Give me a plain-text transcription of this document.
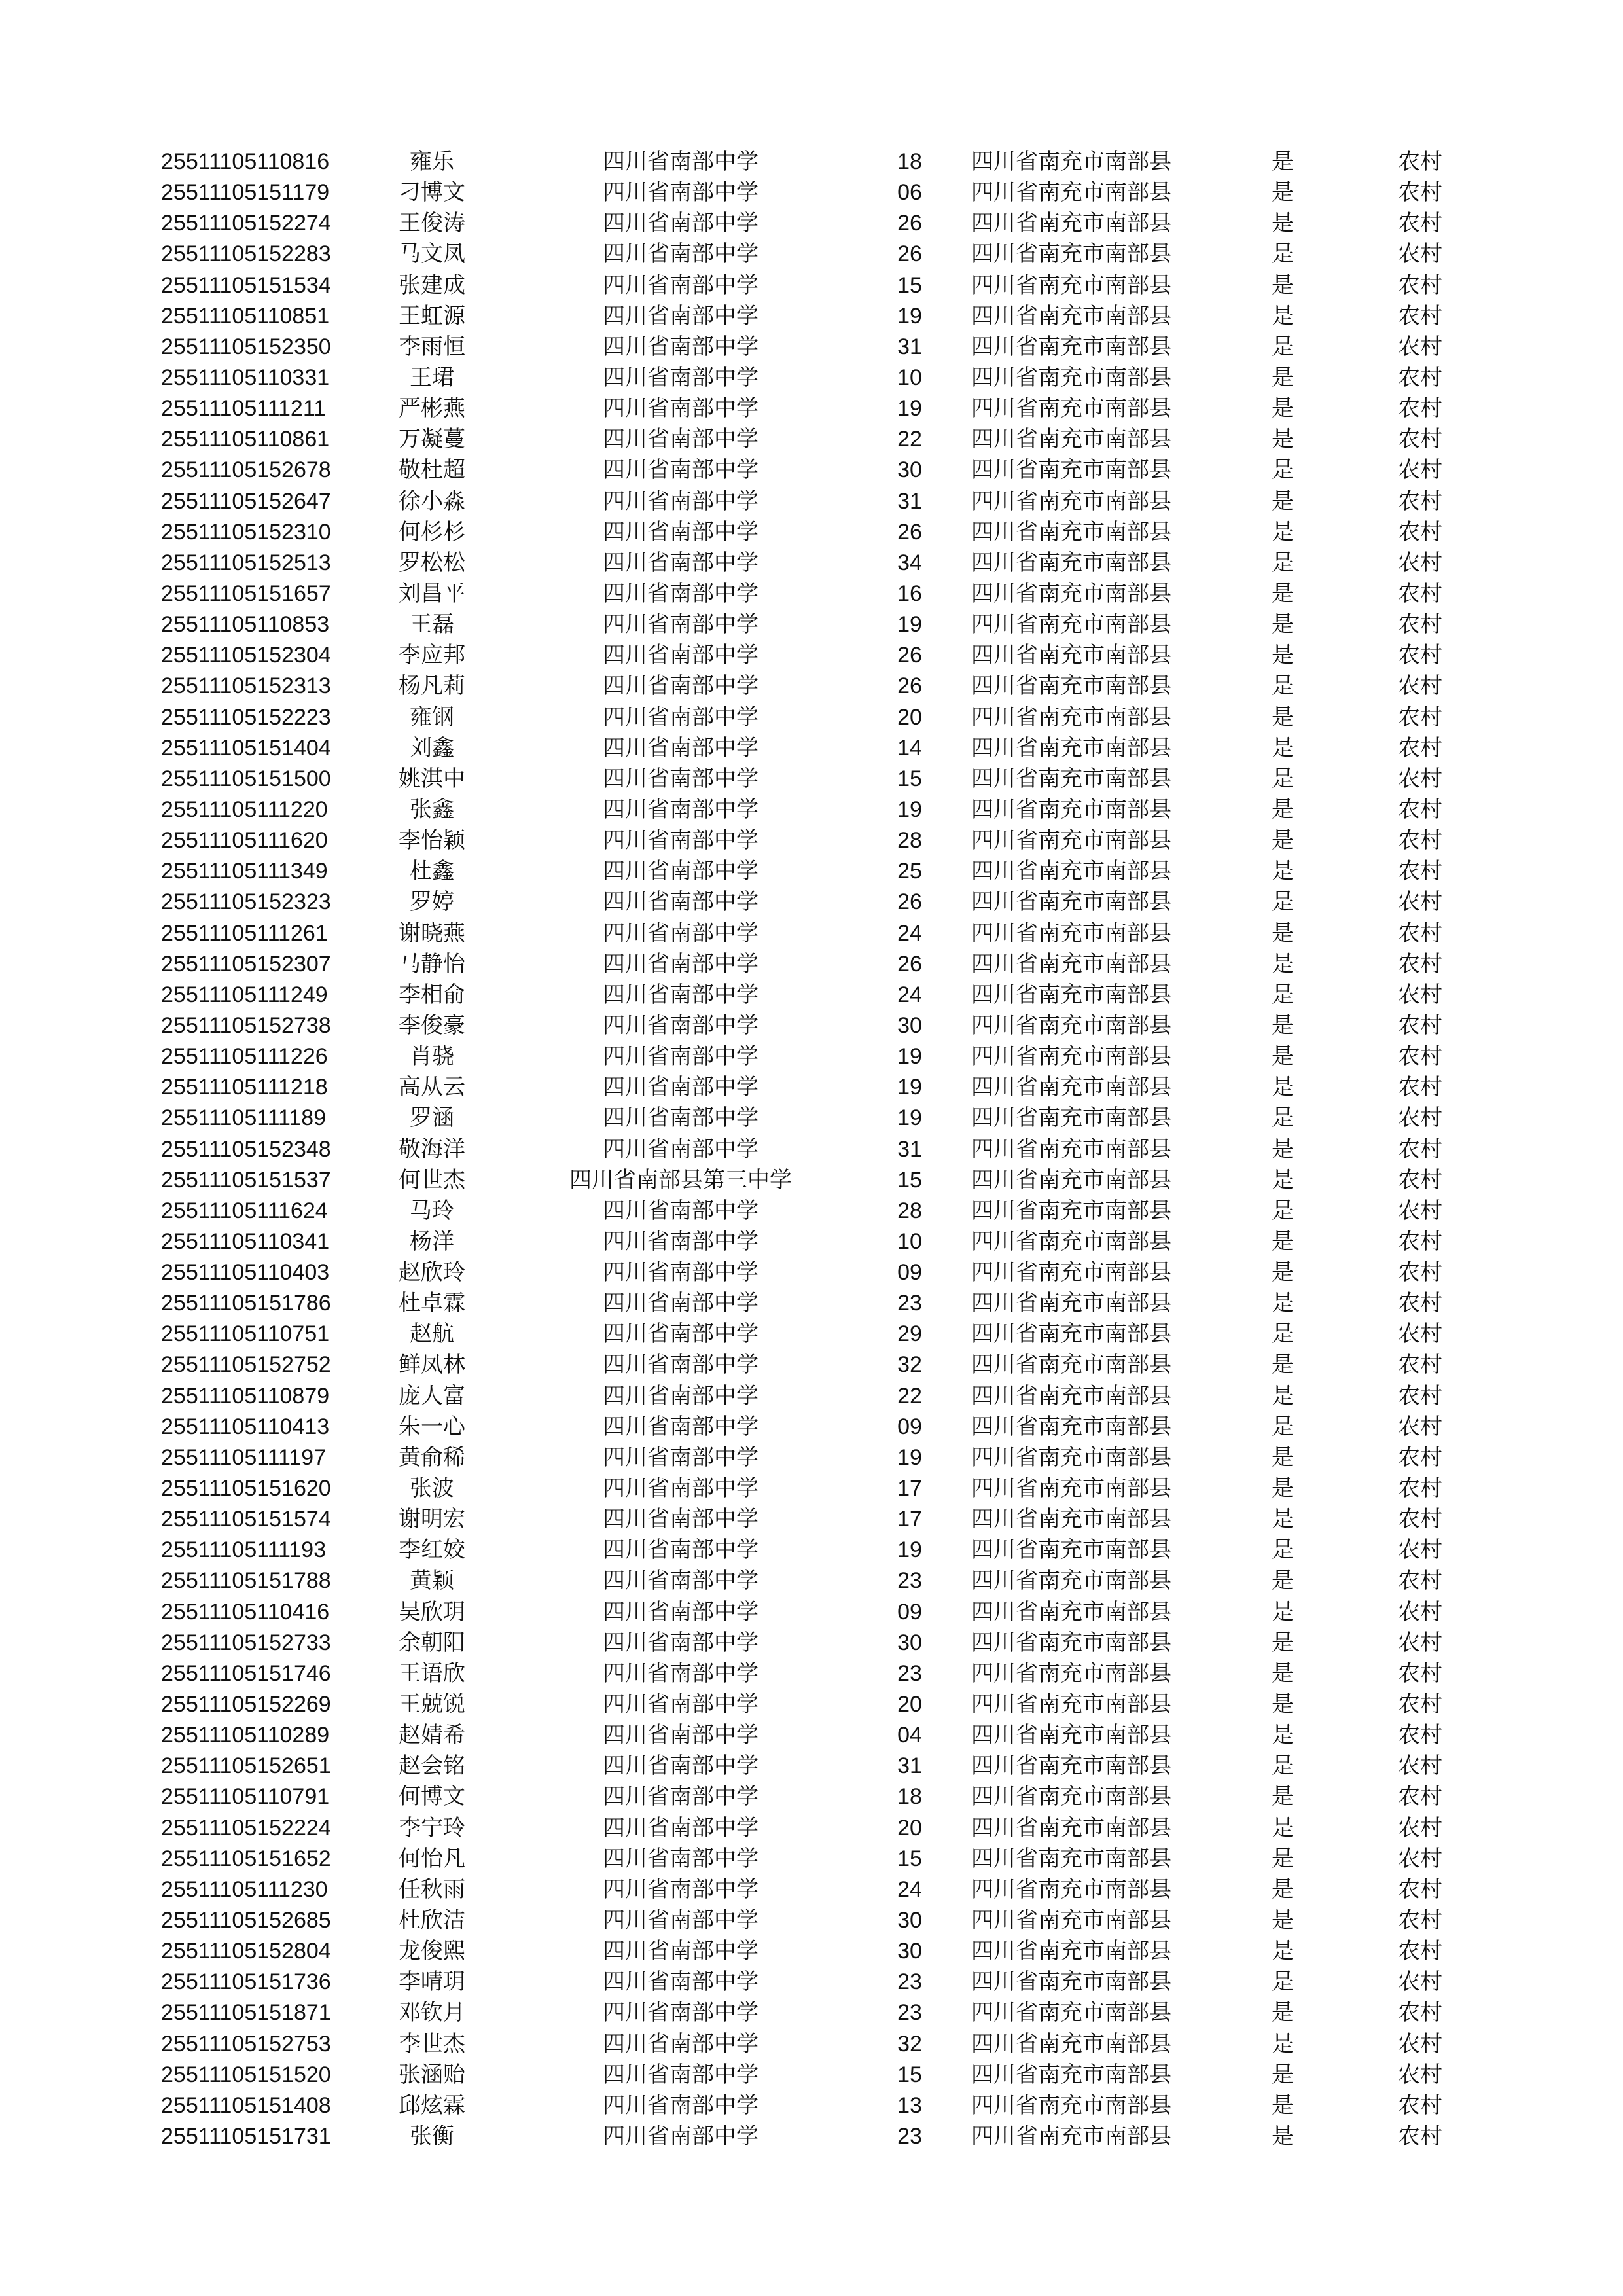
25511105110816	雍乐	四川省南部中学	18	四川省南充市南部县	是	农村
25511105151179	刁博文	四川省南部中学	06	四川省南充市南部县	是	农村
25511105152274	王俊涛	四川省南部中学	26	四川省南充市南部县	是	农村
25511105152283	马文凤	四川省南部中学	26	四川省南充市南部县	是	农村
25511105151534	张建成	四川省南部中学	15	四川省南充市南部县	是	农村
25511105110851	王虹源	四川省南部中学	19	四川省南充市南部县	是	农村
25511105152350	李雨恒	四川省南部中学	31	四川省南充市南部县	是	农村
25511105110331	王珺	四川省南部中学	10	四川省南充市南部县	是	农村
25511105111211	严彬燕	四川省南部中学	19	四川省南充市南部县	是	农村
25511105110861	万凝蔓	四川省南部中学	22	四川省南充市南部县	是	农村
25511105152678	敬杜超	四川省南部中学	30	四川省南充市南部县	是	农村
25511105152647	徐小淼	四川省南部中学	31	四川省南充市南部县	是	农村
25511105152310	何杉杉	四川省南部中学	26	四川省南充市南部县	是	农村
25511105152513	罗松松	四川省南部中学	34	四川省南充市南部县	是	农村
25511105151657	刘昌平	四川省南部中学	16	四川省南充市南部县	是	农村
25511105110853	王磊	四川省南部中学	19	四川省南充市南部县	是	农村
25511105152304	李应邦	四川省南部中学	26	四川省南充市南部县	是	农村
25511105152313	杨凡莉	四川省南部中学	26	四川省南充市南部县	是	农村
25511105152223	雍钢	四川省南部中学	20	四川省南充市南部县	是	农村
25511105151404	刘鑫	四川省南部中学	14	四川省南充市南部县	是	农村
25511105151500	姚淇中	四川省南部中学	15	四川省南充市南部县	是	农村
25511105111220	张鑫	四川省南部中学	19	四川省南充市南部县	是	农村
25511105111620	李怡颖	四川省南部中学	28	四川省南充市南部县	是	农村
25511105111349	杜鑫	四川省南部中学	25	四川省南充市南部县	是	农村
25511105152323	罗婷	四川省南部中学	26	四川省南充市南部县	是	农村
25511105111261	谢晓燕	四川省南部中学	24	四川省南充市南部县	是	农村
25511105152307	马静怡	四川省南部中学	26	四川省南充市南部县	是	农村
25511105111249	李相俞	四川省南部中学	24	四川省南充市南部县	是	农村
25511105152738	李俊豪	四川省南部中学	30	四川省南充市南部县	是	农村
25511105111226	肖骁	四川省南部中学	19	四川省南充市南部县	是	农村
25511105111218	高从云	四川省南部中学	19	四川省南充市南部县	是	农村
25511105111189	罗涵	四川省南部中学	19	四川省南充市南部县	是	农村
25511105152348	敬海洋	四川省南部中学	31	四川省南充市南部县	是	农村
25511105151537	何世杰	四川省南部县第三中学	15	四川省南充市南部县	是	农村
25511105111624	马玲	四川省南部中学	28	四川省南充市南部县	是	农村
25511105110341	杨洋	四川省南部中学	10	四川省南充市南部县	是	农村
25511105110403	赵欣玲	四川省南部中学	09	四川省南充市南部县	是	农村
25511105151786	杜卓霖	四川省南部中学	23	四川省南充市南部县	是	农村
25511105110751	赵航	四川省南部中学	29	四川省南充市南部县	是	农村
25511105152752	鲜凤林	四川省南部中学	32	四川省南充市南部县	是	农村
25511105110879	庞人富	四川省南部中学	22	四川省南充市南部县	是	农村
25511105110413	朱一心	四川省南部中学	09	四川省南充市南部县	是	农村
25511105111197	黄俞稀	四川省南部中学	19	四川省南充市南部县	是	农村
25511105151620	张波	四川省南部中学	17	四川省南充市南部县	是	农村
25511105151574	谢明宏	四川省南部中学	17	四川省南充市南部县	是	农村
25511105111193	李红姣	四川省南部中学	19	四川省南充市南部县	是	农村
25511105151788	黄颖	四川省南部中学	23	四川省南充市南部县	是	农村
25511105110416	吴欣玥	四川省南部中学	09	四川省南充市南部县	是	农村
25511105152733	余朝阳	四川省南部中学	30	四川省南充市南部县	是	农村
25511105151746	王语欣	四川省南部中学	23	四川省南充市南部县	是	农村
25511105152269	王兢锐	四川省南部中学	20	四川省南充市南部县	是	农村
25511105110289	赵婧希	四川省南部中学	04	四川省南充市南部县	是	农村
25511105152651	赵会铭	四川省南部中学	31	四川省南充市南部县	是	农村
25511105110791	何博文	四川省南部中学	18	四川省南充市南部县	是	农村
25511105152224	李宁玲	四川省南部中学	20	四川省南充市南部县	是	农村
25511105151652	何怡凡	四川省南部中学	15	四川省南充市南部县	是	农村
25511105111230	任秋雨	四川省南部中学	24	四川省南充市南部县	是	农村
25511105152685	杜欣洁	四川省南部中学	30	四川省南充市南部县	是	农村
25511105152804	龙俊熙	四川省南部中学	30	四川省南充市南部县	是	农村
25511105151736	李晴玥	四川省南部中学	23	四川省南充市南部县	是	农村
25511105151871	邓钦月	四川省南部中学	23	四川省南充市南部县	是	农村
25511105152753	李世杰	四川省南部中学	32	四川省南充市南部县	是	农村
25511105151520	张涵贻	四川省南部中学	15	四川省南充市南部县	是	农村
25511105151408	邱炫霖	四川省南部中学	13	四川省南充市南部县	是	农村
25511105151731	张衡	四川省南部中学	23	四川省南充市南部县	是	农村
